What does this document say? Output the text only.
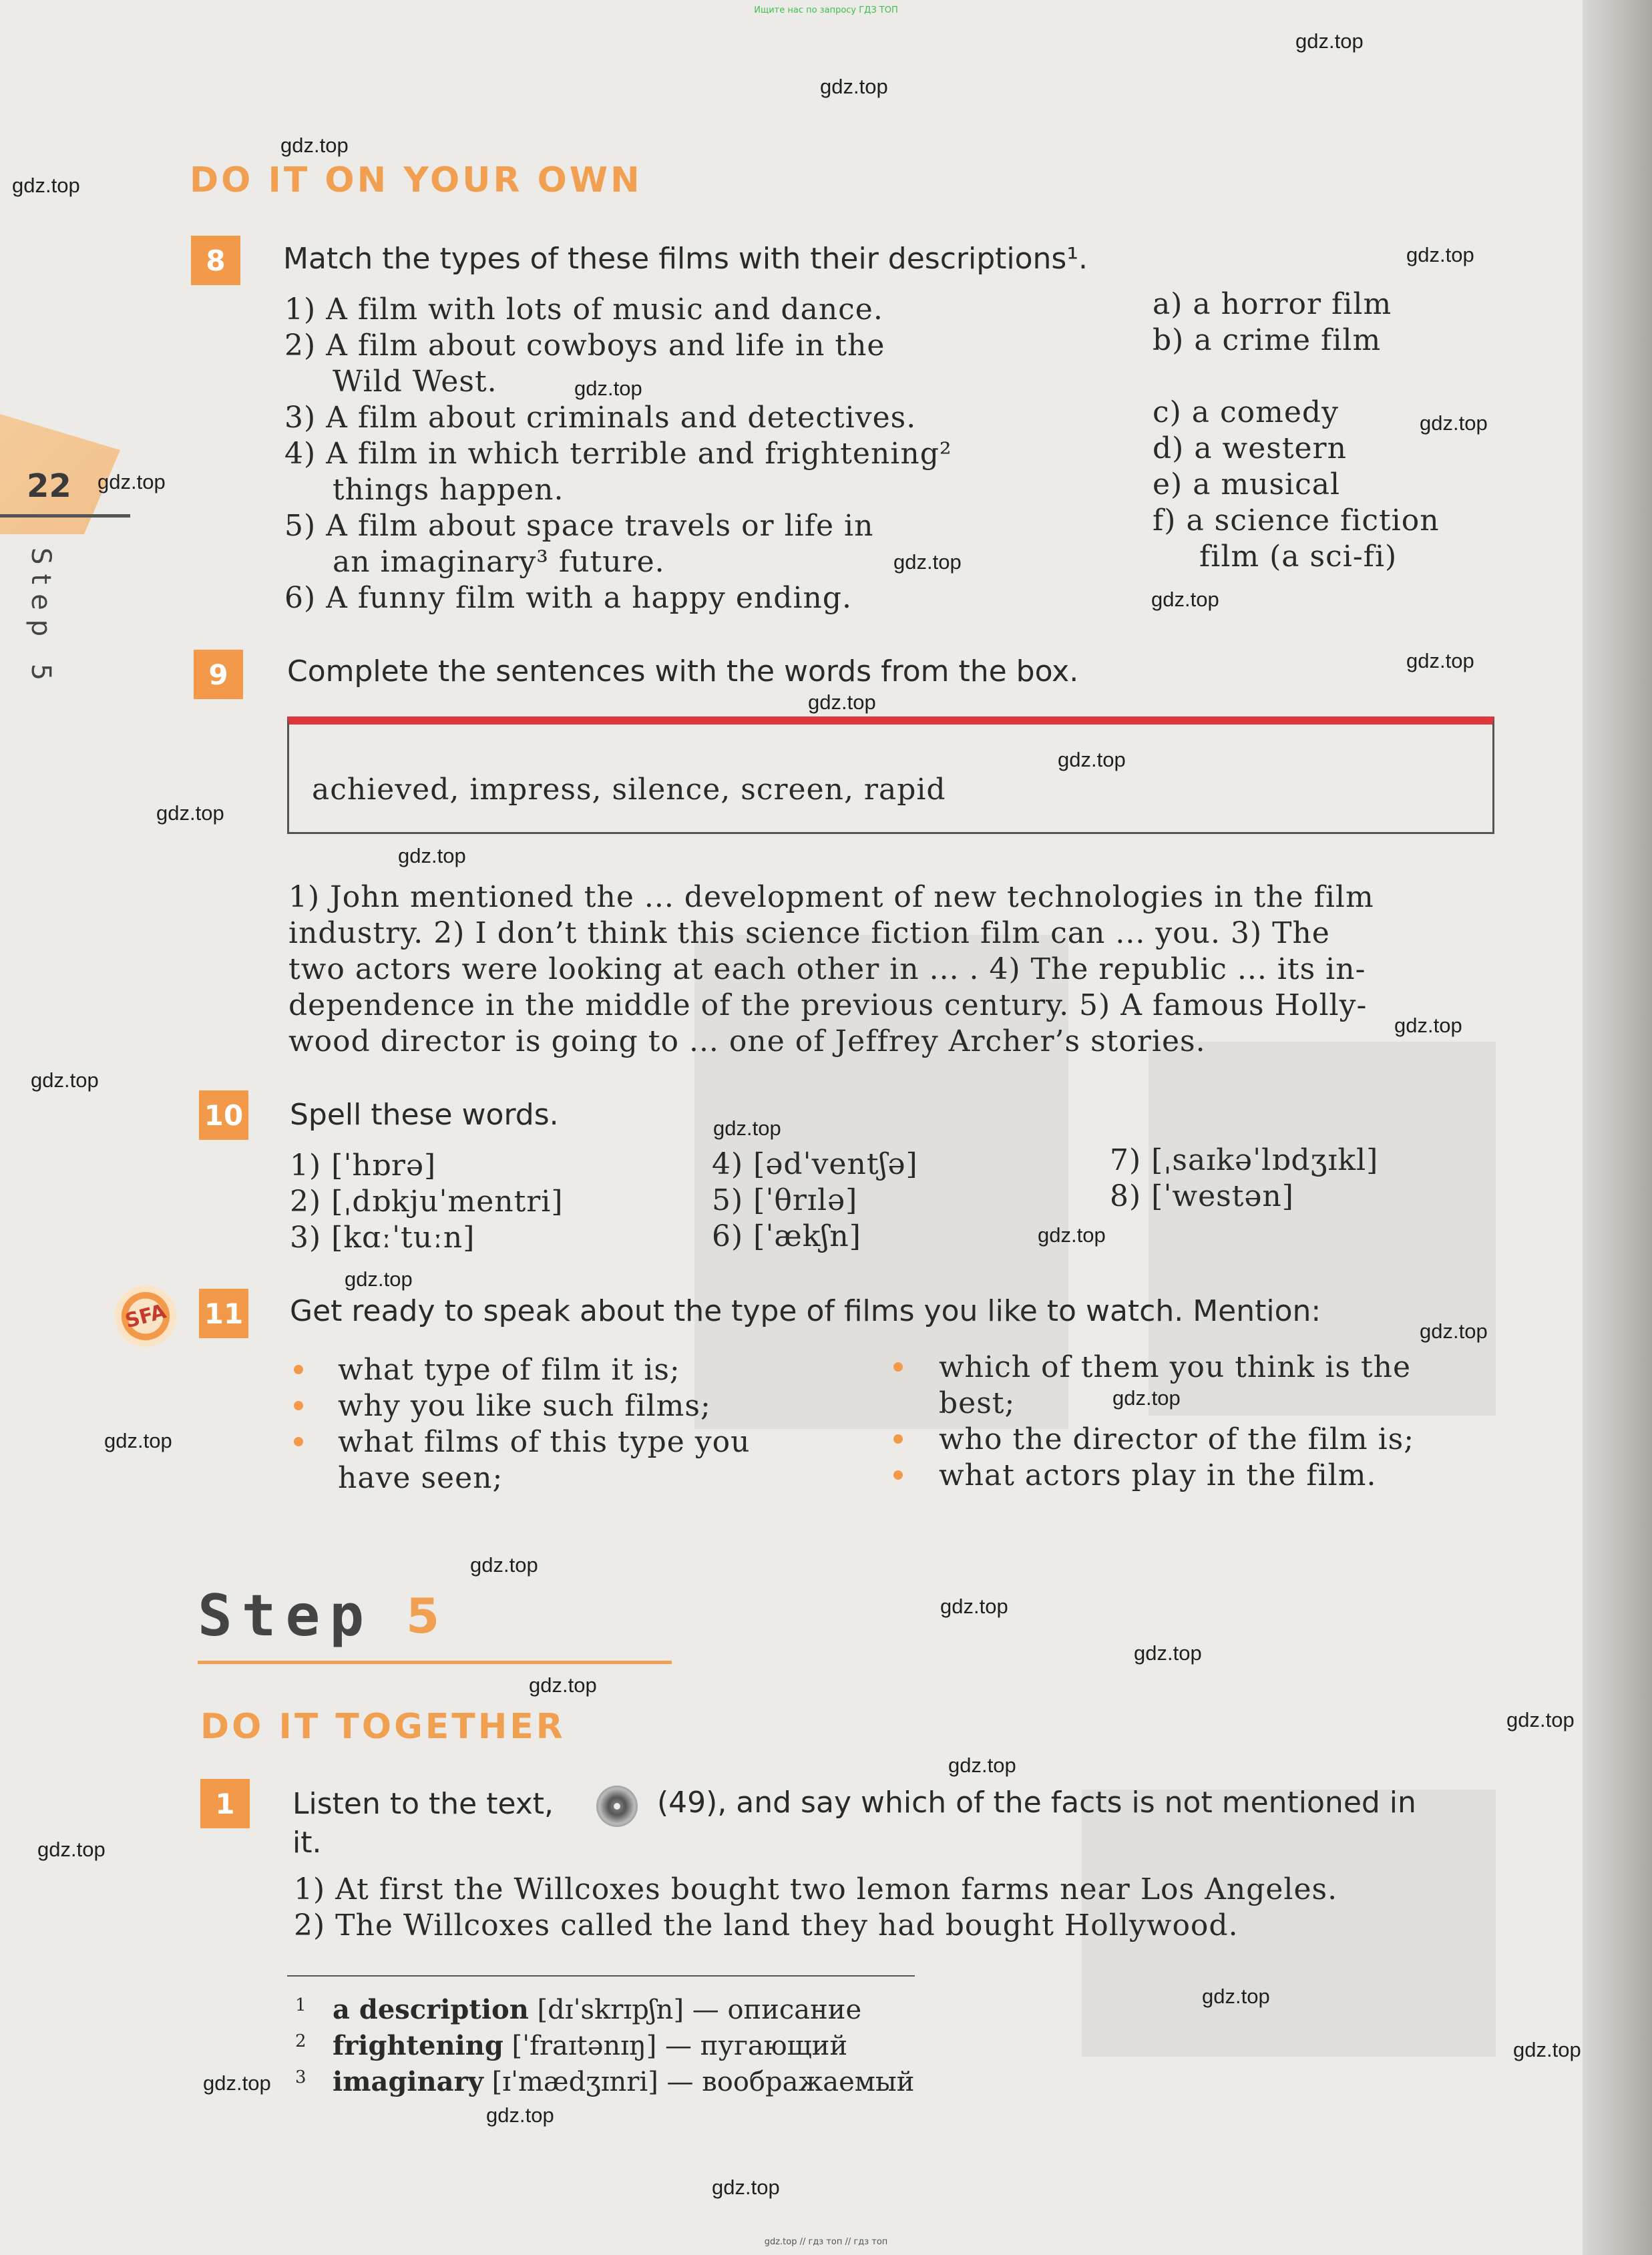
Ищите нас по запросу ГДЗ ТОП
gdz.top // гдз топ // гдз топ
22
Step 5
DO IT ON YOUR OWN
8	Match the types of these films with their descriptions¹.
1) A film with lots of music and dance.
2) A film about cowboys and life in the
Wild West.
3) A film about criminals and detectives.
4) A film in which terrible and frightening²
things happen.
5) A film about space travels or life in
an imaginary³ future.
6) A funny film with a happy ending.
a) a horror film
b) a crime film
c) a comedy
d) a western
e) a musical
f) a science fiction
film (a sci-fi)
9	Complete the sentences with the words from the box.
achieved, impress, silence, screen, rapid
1) John mentioned the ... development of new technologies in the film
industry. 2) I don’t think this science fiction film can ... you. 3) The
two actors were looking at each other in ... . 4) The republic ... its in-
dependence in the middle of the previous century. 5) A famous Holly-
wood director is going to ... one of Jeffrey Archer’s stories.
10 Spell these words.
1) [ˈhɒrə]
2) [ˌdɒkjuˈmentri]
3) [kɑːˈtuːn]
4) [ədˈventʃə]
5) [ˈθrɪlə]
6) [ˈækʃn]
7) [ˌsaɪkəˈlɒdʒɪkl]
8) [ˈwestən]
SFA	11 Get ready to speak about the type of films you like to watch. Mention:
what type of film it is;
why you like such films;
what films of this type you
have seen;
which of them you think is the
best;
who the director of the film is;
what actors play in the film.
Step 5
DO IT TOGETHER
1	Listen to the text,	(49), and say which of the facts is not mentioned in
it.
1) At first the Willcoxes bought two lemon farms near Los Angeles.
2) The Willcoxes called the land they had bought Hollywood.
1 a description [dɪˈskrɪpʃn] — описание
2 frightening [ˈfraɪtənɪŋ] — пугающий
3 imaginary [ɪˈmædʒɪnri] — воображаемый
gdz.top
gdz.top
gdz.top
gdz.top
gdz.top
gdz.top
gdz.top
gdz.top
gdz.top
gdz.top
gdz.top
gdz.top
gdz.top
gdz.top
gdz.top
gdz.top
gdz.top
gdz.top
gdz.top
gdz.top
gdz.top
gdz.top
gdz.top
gdz.top
gdz.top
gdz.top
gdz.top
gdz.top
gdz.top
gdz.top
gdz.top
gdz.top
gdz.top
gdz.top
gdz.top
